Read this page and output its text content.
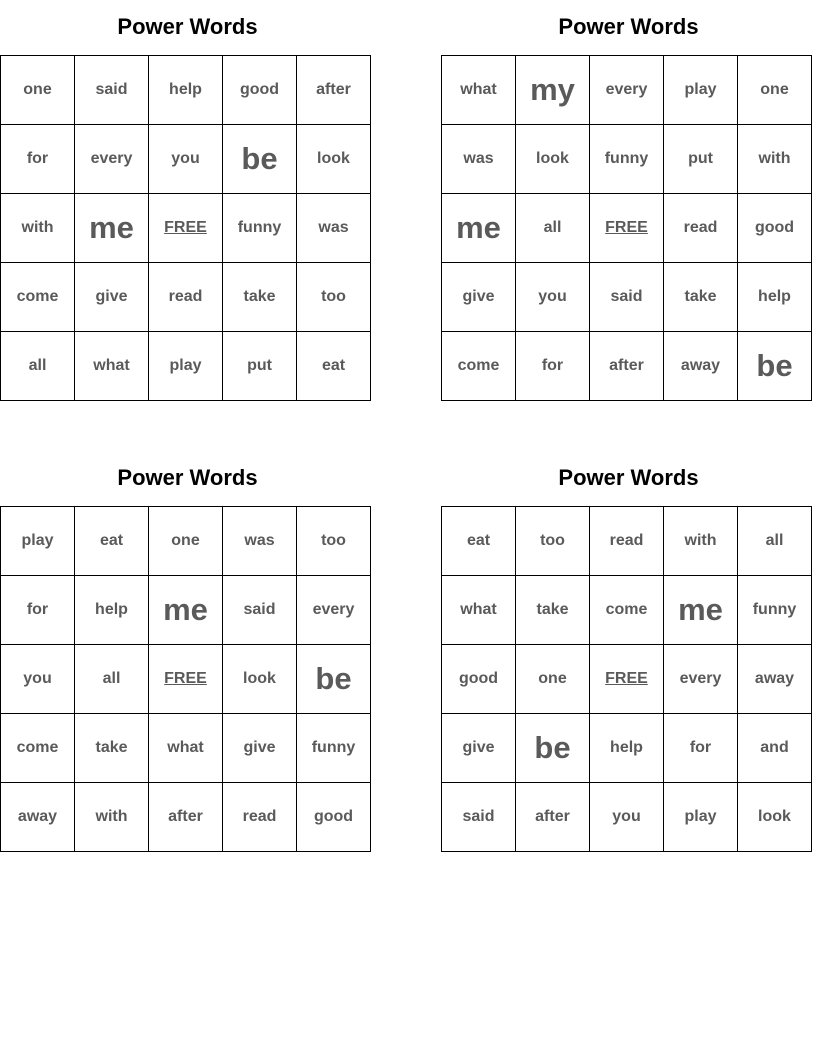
Power Words
one	said	help	good	after
for	every	you	be	look
with	me	FREE	funny	was
come	give	read	take	too
all	what	play	put	eat
Power Words
what	my	every	play	one
was	look	funny	put	with
me	all	FREE	read	good
give	you	said	take	help
come	for	after	away	be
Power Words
play	eat	one	was	too
for	help	me	said	every
you	all	FREE	look	be
come	take	what	give	funny
away	with	after	read	good
Power Words
eat	too	read	with	all
what	take	come	me	funny
good	one	FREE	every	away
give	be	help	for	and
said	after	you	play	look
